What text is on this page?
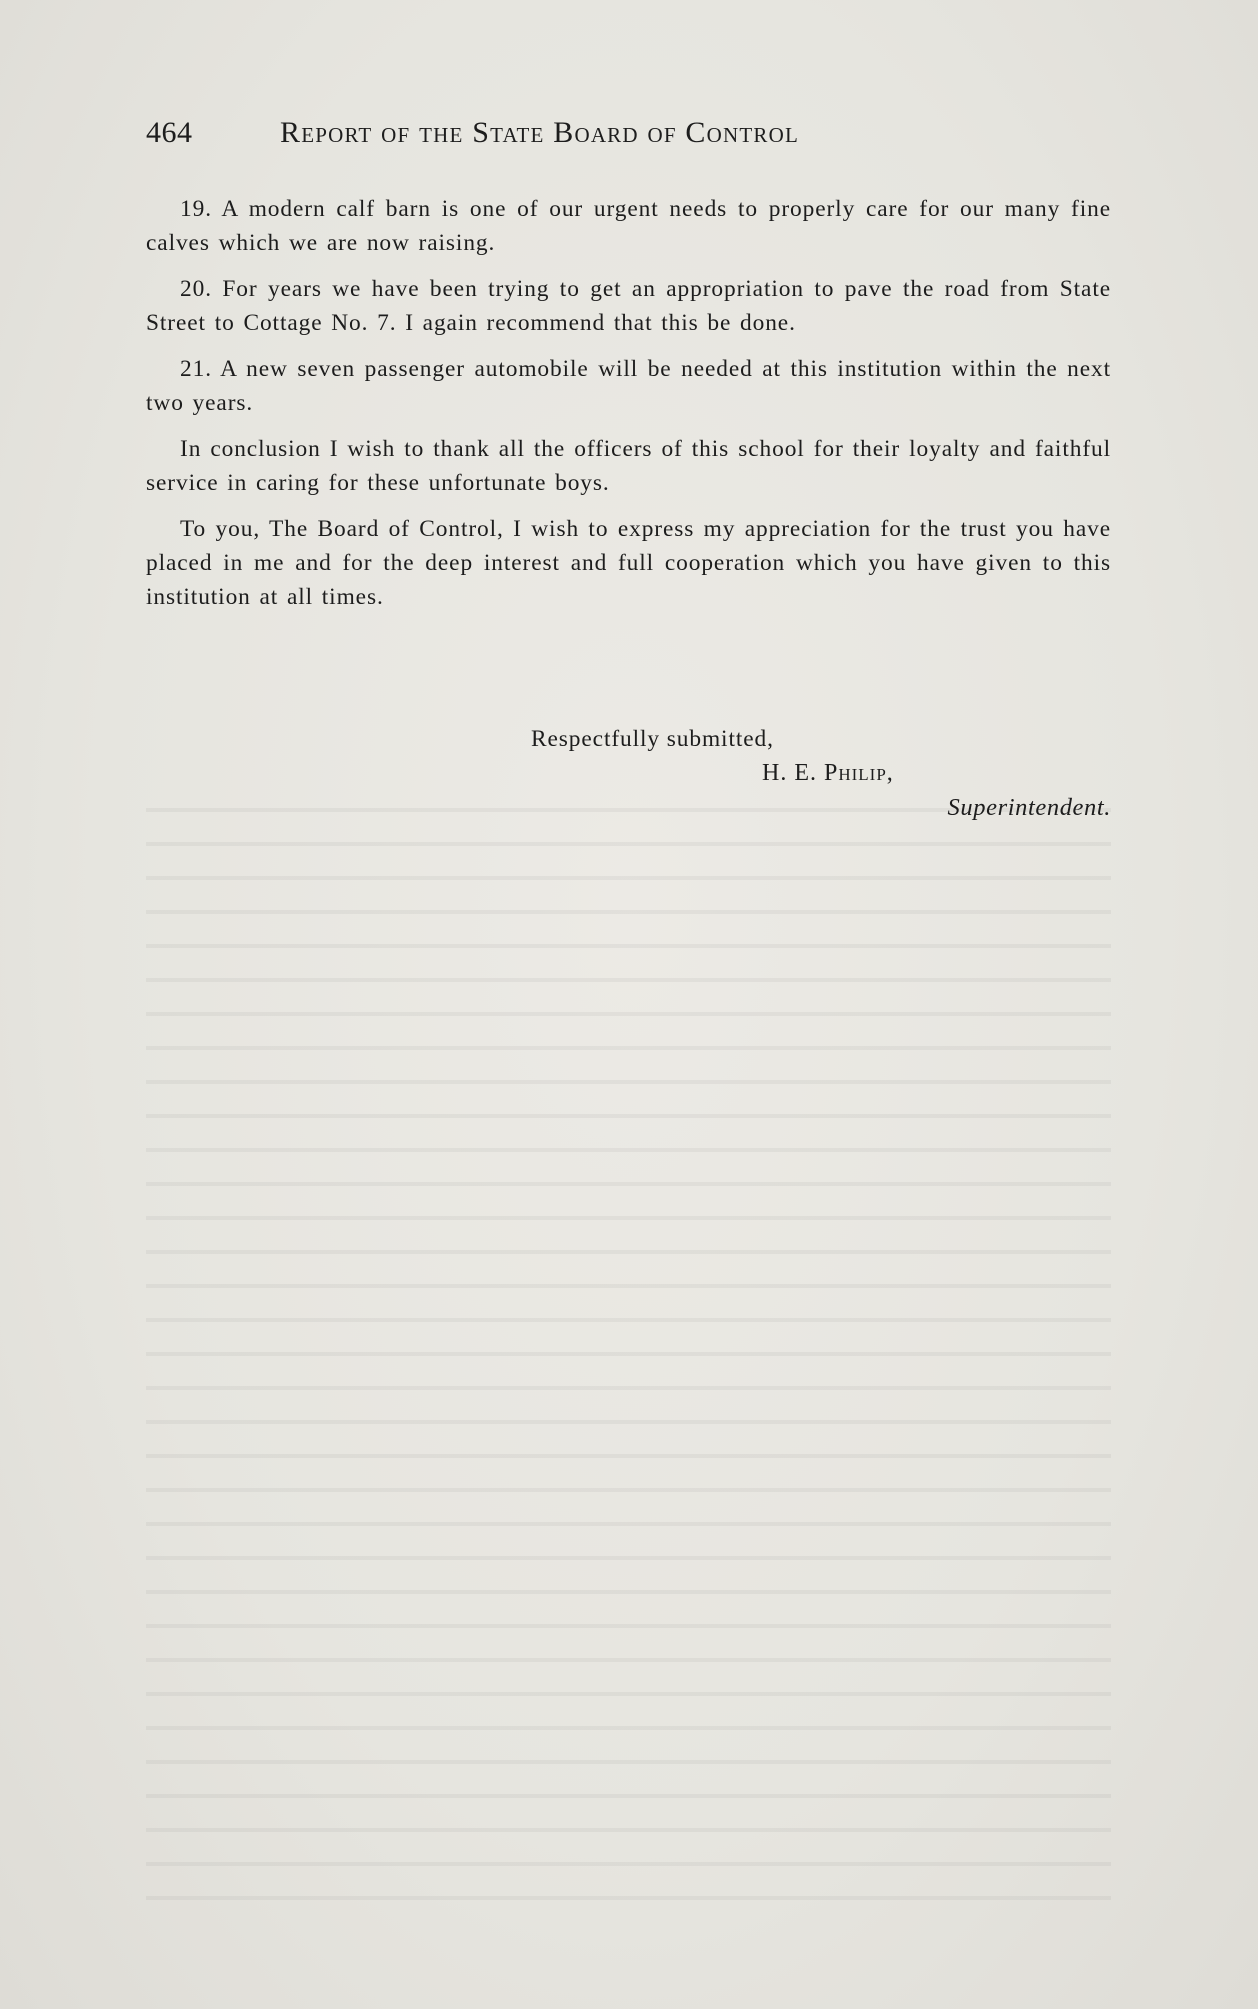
464	Report of the State Board of Control

19. A modern calf barn is one of our urgent needs to properly care for our many fine calves which we are now raising.

20. For years we have been trying to get an appropriation to pave the road from State Street to Cottage No. 7. I again recommend that this be done.

21. A new seven passenger automobile will be needed at this institution within the next two years.

In conclusion I wish to thank all the officers of this school for their loyalty and faithful service in caring for these unfortunate boys.

To you, The Board of Control, I wish to express my appreciation for the trust you have placed in me and for the deep interest and full cooperation which you have given to this institution at all times.

Respectfully submitted,
H. E. Philip,
Superintendent.
